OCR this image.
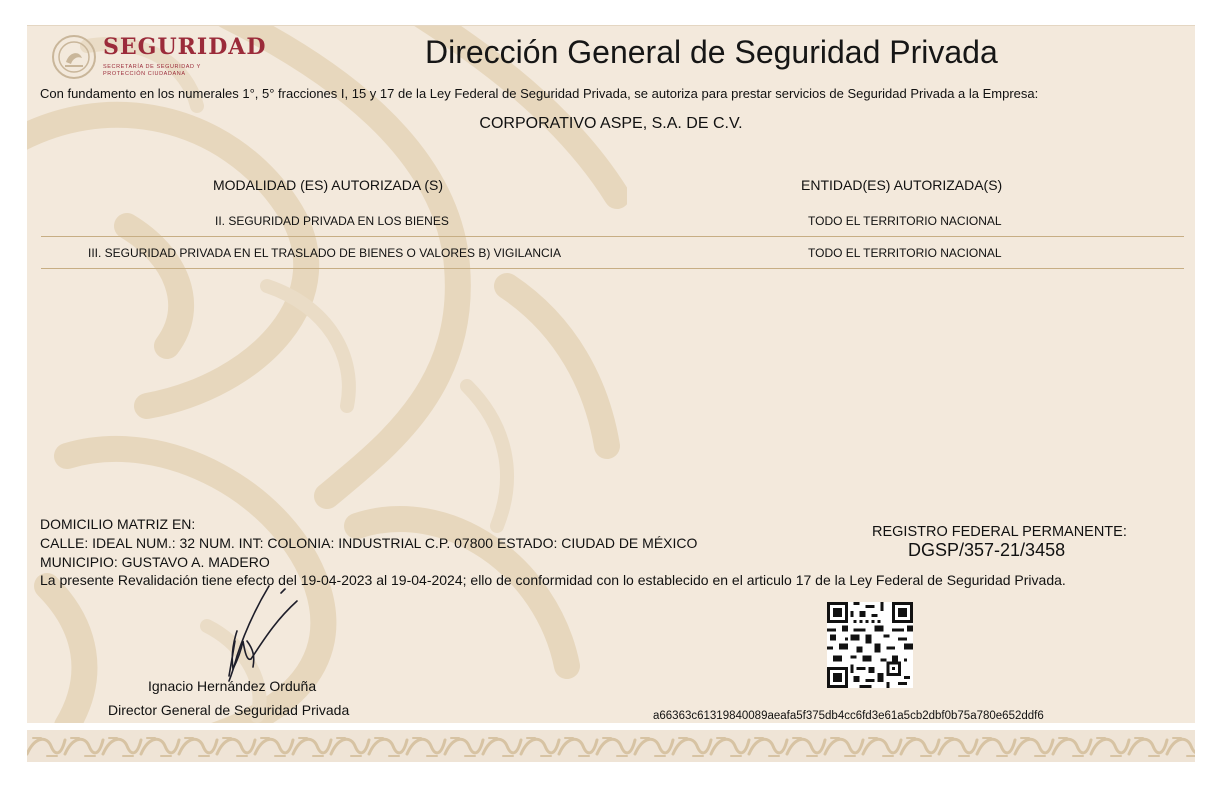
SEGURIDAD
SECRETARÍA DE SEGURIDAD Y PROTECCIÓN CIUDADANA
Dirección General de Seguridad Privada
Con fundamento en los numerales 1°, 5° fracciones I, 15 y 17 de la Ley Federal de Seguridad Privada, se autoriza para prestar servicios de Seguridad Privada a la Empresa:
CORPORATIVO ASPE, S.A. DE C.V.
MODALIDAD (ES) AUTORIZADA (S)	ENTIDAD(ES) AUTORIZADA(S)
II. SEGURIDAD PRIVADA EN LOS BIENES	TODO EL TERRITORIO NACIONAL
III. SEGURIDAD PRIVADA EN EL TRASLADO DE BIENES O VALORES B) VIGILANCIA	TODO EL TERRITORIO NACIONAL
DOMICILIO MATRIZ EN:
CALLE: IDEAL NUM.: 32 NUM. INT: COLONIA: INDUSTRIAL C.P. 07800 ESTADO: CIUDAD DE MÉXICO
MUNICIPIO: GUSTAVO A. MADERO
REGISTRO FEDERAL PERMANENTE:
DGSP/357-21/3458
La presente Revalidación tiene efecto del 19-04-2023 al 19-04-2024; ello de conformidad con lo establecido en el articulo 17 de la Ley Federal de Seguridad Privada.
Ignacio Hernández Orduña
Director General de Seguridad Privada	a66363c61319840089aeafa5f375db4cc6fd3e61a5cb2dbf0b75a780e652ddf6
